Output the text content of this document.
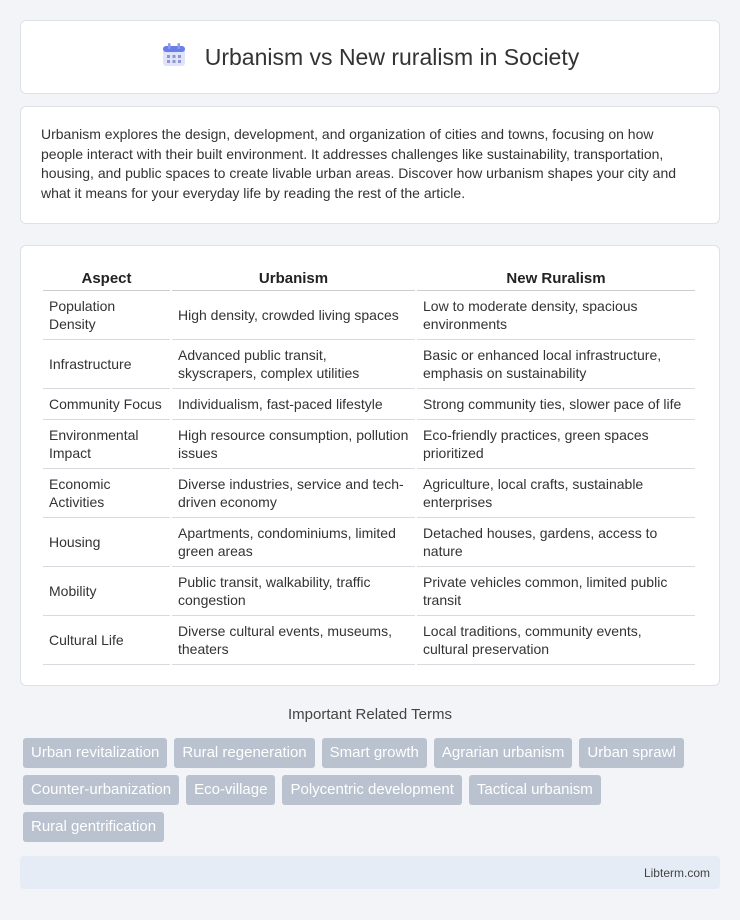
Urbanism vs New ruralism in Society

Urbanism explores the design, development, and organization of cities and towns, focusing on how people interact with their built environment. It addresses challenges like sustainability, transportation, housing, and public spaces to create livable urban areas. Discover how urbanism shapes your city and what it means for your everyday life by reading the rest of the article.

Aspect	Urbanism	New Ruralism
Population Density	High density, crowded living spaces	Low to moderate density, spacious environments
Infrastructure	Advanced public transit, skyscrapers, complex utilities	Basic or enhanced local infrastructure, emphasis on sustainability
Community Focus	Individualism, fast-paced lifestyle	Strong community ties, slower pace of life
Environmental Impact	High resource consumption, pollution issues	Eco-friendly practices, green spaces prioritized
Economic Activities	Diverse industries, service and tech-driven economy	Agriculture, local crafts, sustainable enterprises
Housing	Apartments, condominiums, limited green areas	Detached houses, gardens, access to nature
Mobility	Public transit, walkability, traffic congestion	Private vehicles common, limited public transit
Cultural Life	Diverse cultural events, museums, theaters	Local traditions, community events, cultural preservation
Important Related Terms
Urban revitalization	Rural regeneration	Smart growth	Agrarian urbanism	Urban sprawl
Counter-urbanization	Eco-village	Polycentric development	Tactical urbanism
Rural gentrification
Libterm.com
